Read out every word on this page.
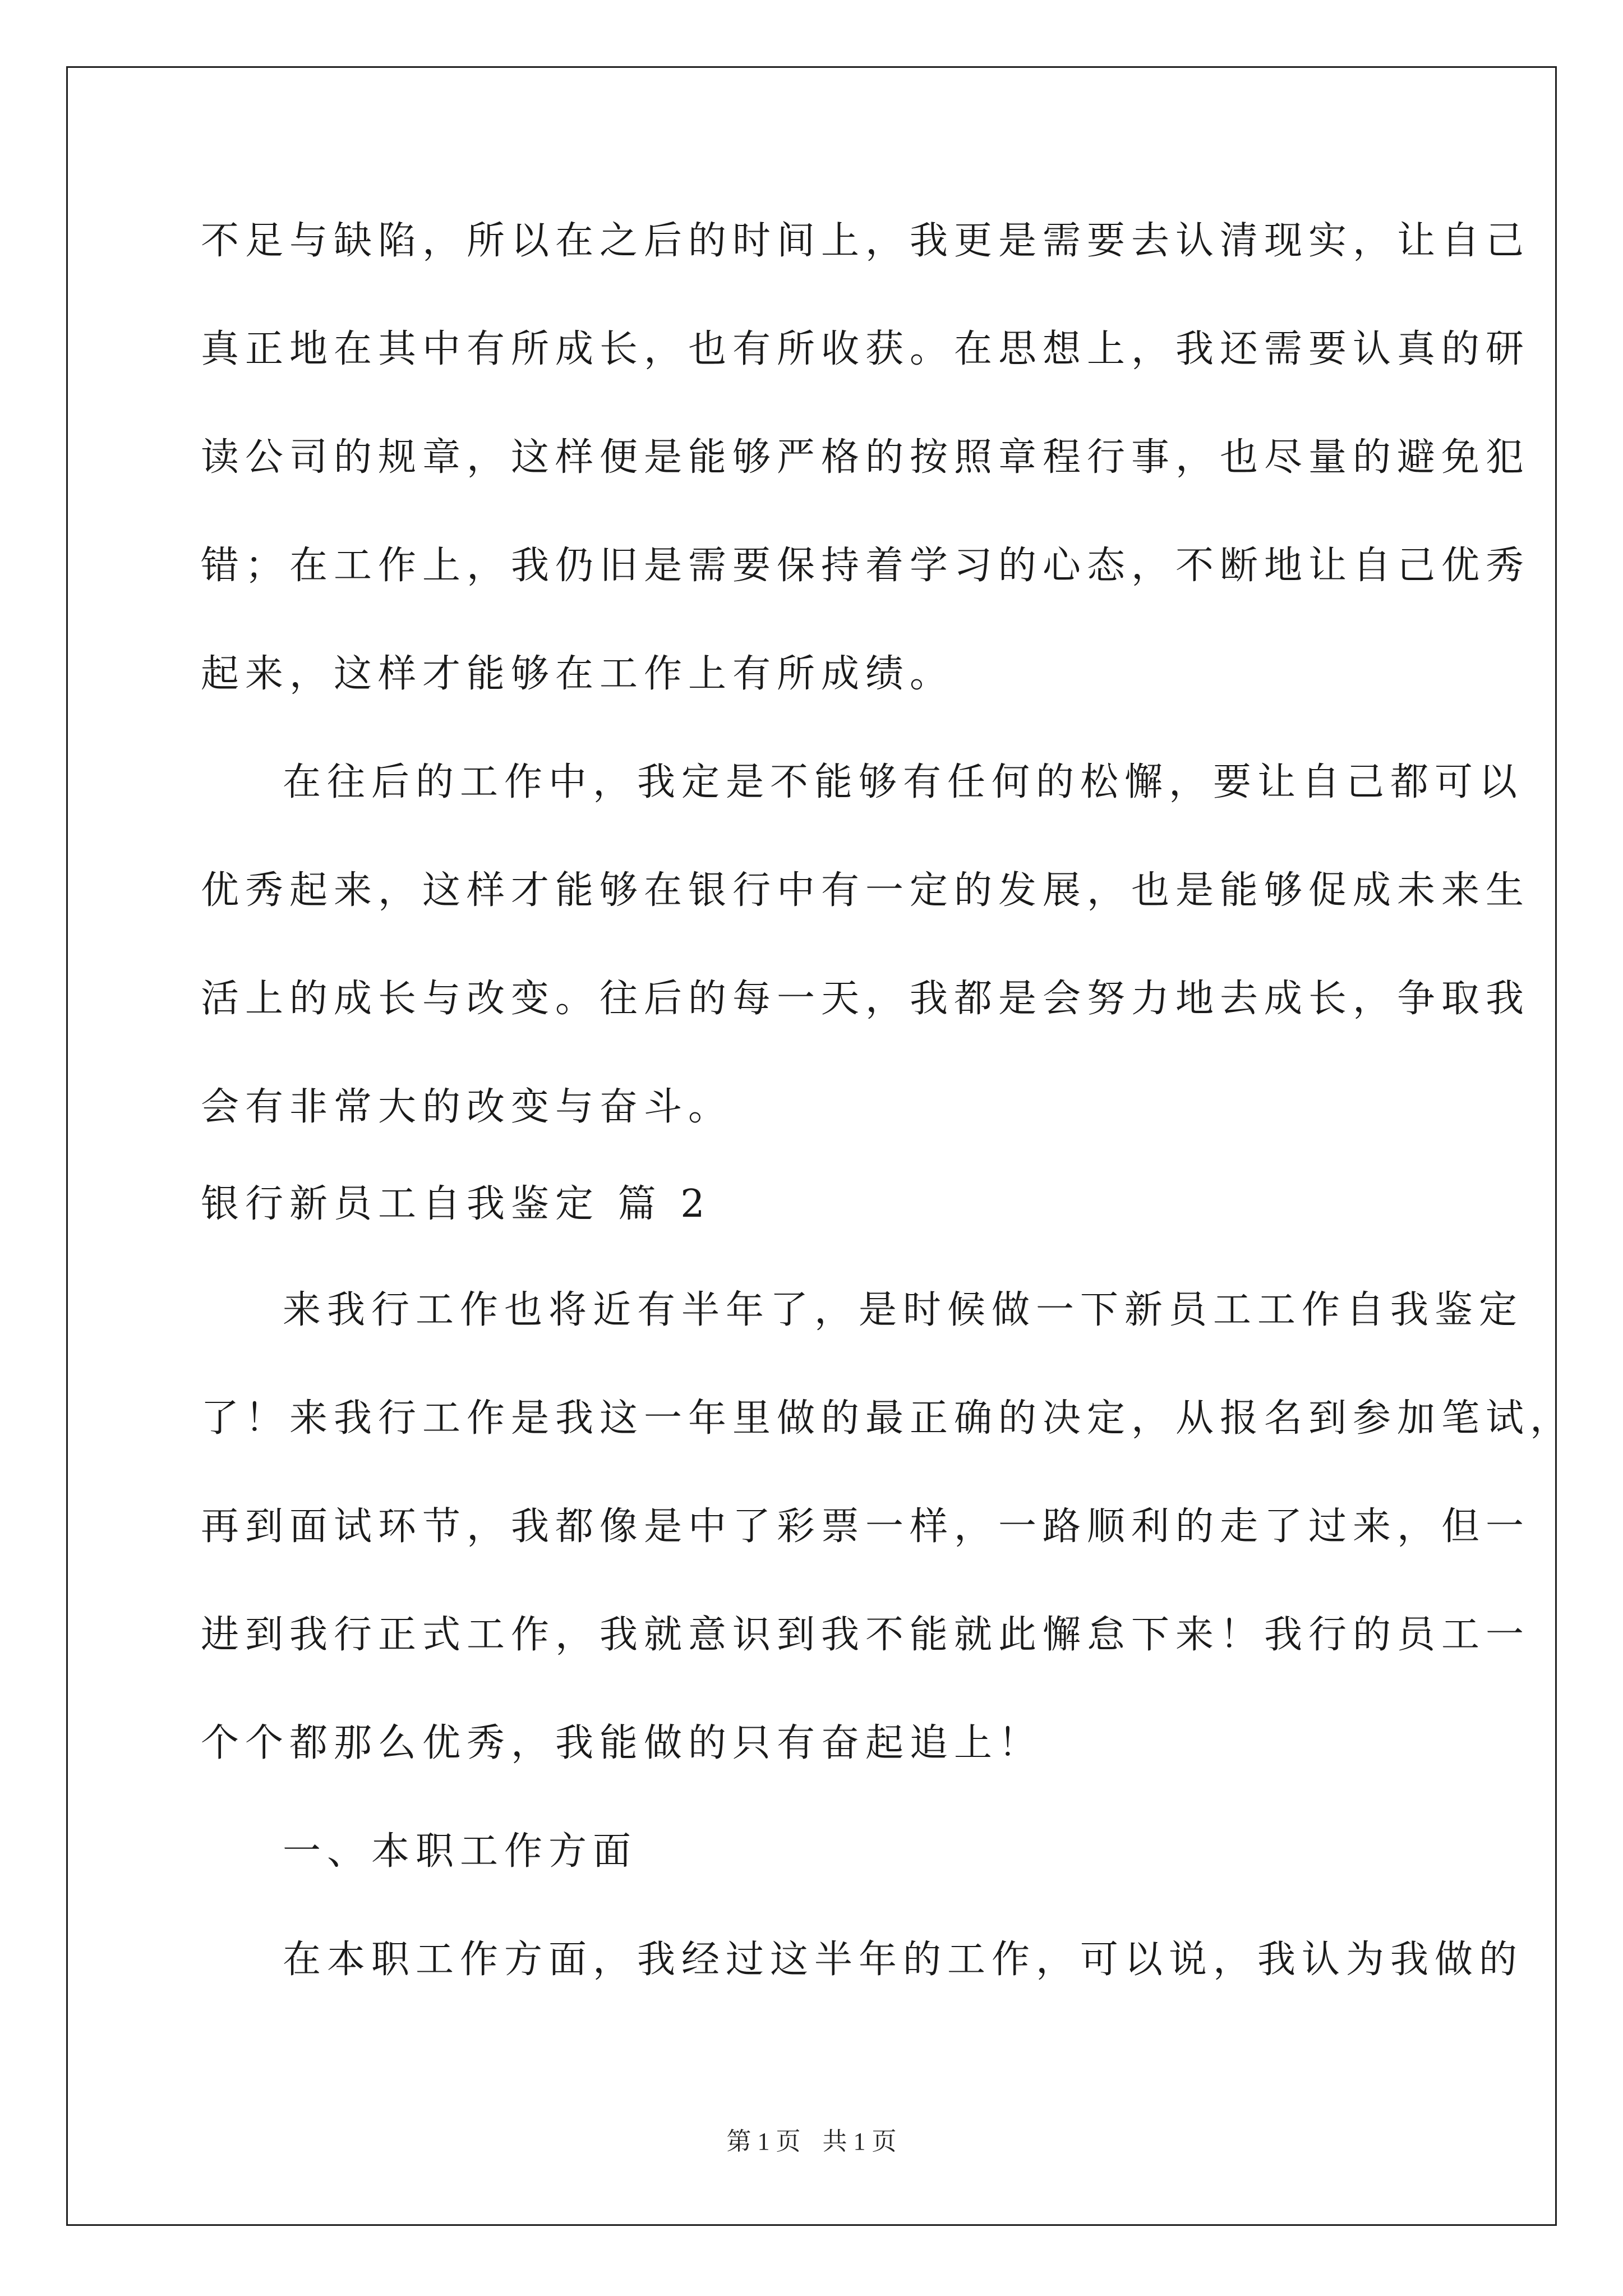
不足与缺陷，所以在之后的时间上，我更是需要去认清现实，让自己
真正地在其中有所成长，也有所收获。在思想上，我还需要认真的研
读公司的规章，这样便是能够严格的按照章程行事，也尽量的避免犯
错；在工作上，我仍旧是需要保持着学习的心态，不断地让自己优秀
起来，这样才能够在工作上有所成绩。
在往后的工作中，我定是不能够有任何的松懈，要让自己都可以
优秀起来，这样才能够在银行中有一定的发展，也是能够促成未来生
活上的成长与改变。往后的每一天，我都是会努力地去成长，争取我
会有非常大的改变与奋斗。
银行新员工自我鉴定 篇 2
来我行工作也将近有半年了，是时候做一下新员工工作自我鉴定
了！来我行工作是我这一年里做的最正确的决定，从报名到参加笔试，
再到面试环节，我都像是中了彩票一样，一路顺利的走了过来，但一
进到我行正式工作，我就意识到我不能就此懈怠下来！我行的员工一
个个都那么优秀，我能做的只有奋起追上！
一、本职工作方面
在本职工作方面，我经过这半年的工作，可以说，我认为我做的
第 1 页 共 1 页
